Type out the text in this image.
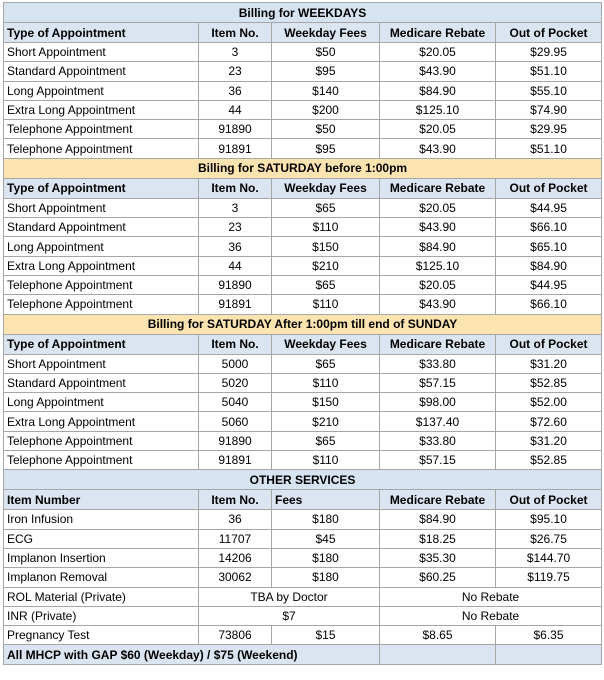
Billing for WEEKDAYS				
Type of Appointment	Item No.	Weekday Fees	Medicare Rebate	Out of Pocket
Short Appointment	3	$50	$20.05	$29.95
Standard Appointment	23	$95	$43.90	$51.10
Long Appointment	36	$140	$84.90	$55.10
Extra Long Appointment	44	$200	$125.10	$74.90
Telephone Appointment	91890	$50	$20.05	$29.95
Telephone Appointment	91891	$95	$43.90	$51.10
Billing for SATURDAY before 1:00pm				
Type of Appointment	Item No.	Weekday Fees	Medicare Rebate	Out of Pocket
Short Appointment	3	$65	$20.05	$44.95
Standard Appointment	23	$110	$43.90	$66.10
Long Appointment	36	$150	$84.90	$65.10
Extra Long Appointment	44	$210	$125.10	$84.90
Telephone Appointment	91890	$65	$20.05	$44.95
Telephone Appointment	91891	$110	$43.90	$66.10
Billing for SATURDAY After 1:00pm till end of SUNDAY				
Type of Appointment	Item No.	Weekday Fees	Medicare Rebate	Out of Pocket
Short Appointment	5000	$65	$33.80	$31.20
Standard Appointment	5020	$110	$57.15	$52.85
Long Appointment	5040	$150	$98.00	$52.00
Extra Long Appointment	5060	$210	$137.40	$72.60
Telephone Appointment	91890	$65	$33.80	$31.20
Telephone Appointment	91891	$110	$57.15	$52.85
OTHER SERVICES				
Item Number	Item No.	Fees	Medicare Rebate	Out of Pocket
Iron Infusion	36	$180	$84.90	$95.10
ECG	11707	$45	$18.25	$26.75
Implanon Insertion	14206	$180	$35.30	$144.70
Implanon Removal	30062	$180	$60.25	$119.75
ROL Material (Private)	TBA by Doctor		No Rebate	
INR (Private)	$7		No Rebate	
Pregnancy Test	73806	$15	$8.65	$6.35
All MHCP with GAP $60 (Weekday) / $75 (Weekend)				
